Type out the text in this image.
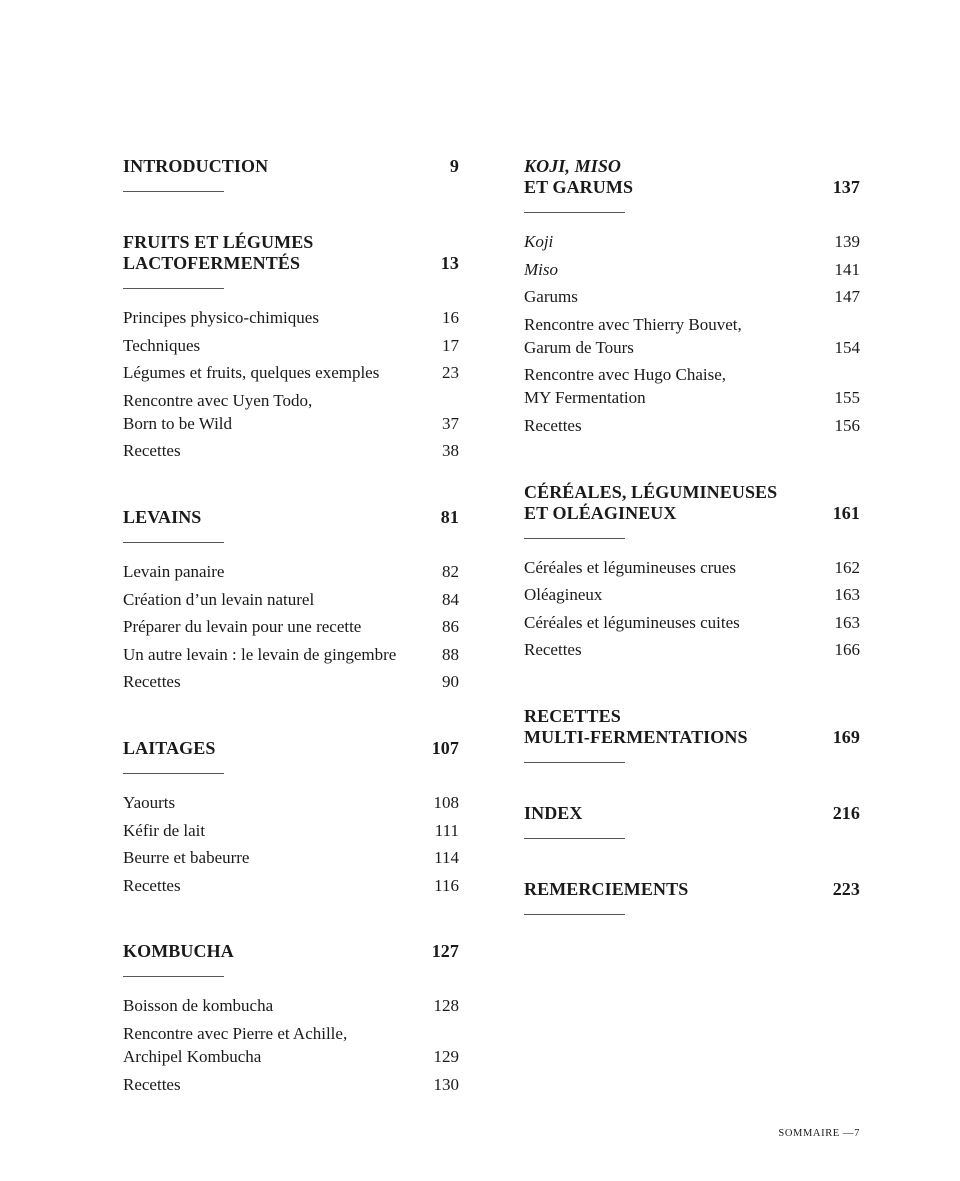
INTRODUCTION	9
FRUITS ET LÉGUMES
LACTOFERMENTÉS	13
Principes physico-chimiques	16
Techniques	17
Légumes et fruits, quelques exemples	23
Rencontre avec Uyen Todo,
Born to be Wild	37
Recettes	38
LEVAINS	81
Levain panaire	82
Création d’un levain naturel	84
Préparer du levain pour une recette	86
Un autre levain : le levain de gingembre	88
Recettes	90
LAITAGES	107
Yaourts	108
Kéfir de lait	111
Beurre et babeurre	114
Recettes	116
KOMBUCHA	127
Boisson de kombucha	128
Rencontre avec Pierre et Achille,
Archipel Kombucha	129
Recettes	130
KOJI, MISO
ET GARUMS	137
Koji	139
Miso	141
Garums	147
Rencontre avec Thierry Bouvet,
Garum de Tours	154
Rencontre avec Hugo Chaise,
MY Fermentation	155
Recettes	156
CÉRÉALES, LÉGUMINEUSES
ET OLÉAGINEUX	161
Céréales et légumineuses crues	162
Oléagineux	163
Céréales et légumineuses cuites	163
Recettes	166
RECETTES
MULTI-FERMENTATIONS	169
INDEX	216
REMERCIEMENTS	223
SOMMAIRE —7
